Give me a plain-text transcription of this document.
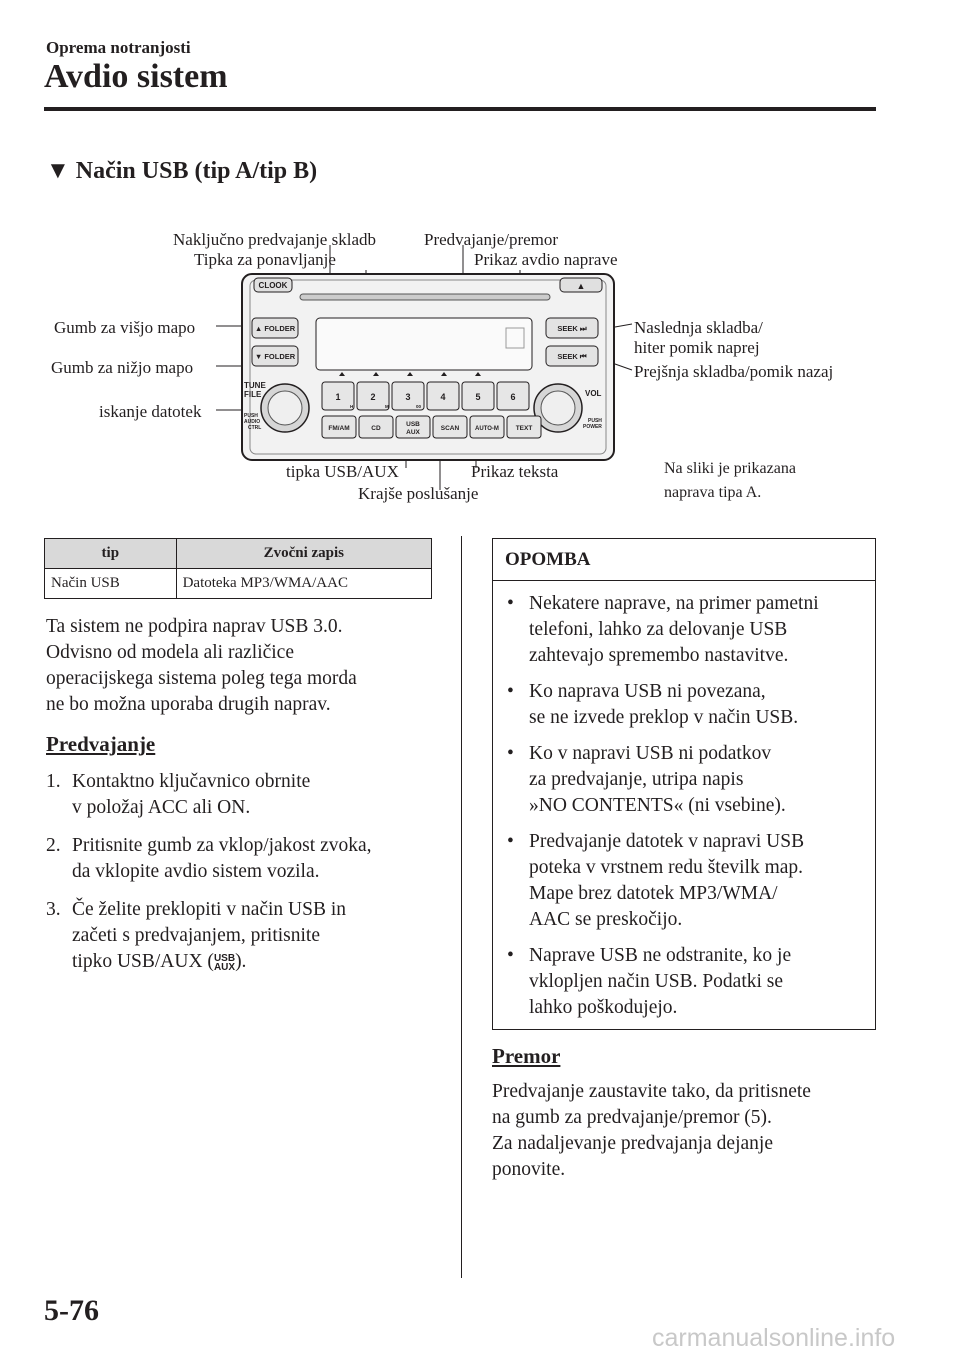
Oprema notranjosti
Avdio sistem
▼ Način USB (tip A/tip B)
CLOOK	▲
▲ FOLDER
▼ FOLDER
SEEK ⏭
SEEK ⏮
TUNE
FILE
PUSH
AUDIO
CTRL
VOL
PUSH
POWER
1	2	3	4	5	6
H	M	00
FM/AM	CD
USB
AUX
SCAN	AUTO-M	TEXT
Naključno predvajanje skladb
Tipka za ponavljanje
Predvajanje/premor
Prikaz avdio naprave
Gumb za višjo mapo
Gumb za nižjo mapo
iskanje datotek
Naslednja skladba/
hiter pomik naprej
Prejšnja skladba/pomik nazaj
tipka USB/AUX	Prikaz teksta
Krajše poslušanje
Na sliki je prikazana
naprava tipa A.
tip	Zvočni zapis
Način USB	Datoteka MP3/WMA/AAC
Ta sistem ne podpira naprav USB 3.0.
Odvisno od modela ali različice
operacijskega sistema poleg tega morda
ne bo možna uporaba drugih naprav.
Predvajanje
1. Kontaktno ključavnico obrnite
v položaj ACC ali ON.
2. Pritisnite gumb za vklop/jakost zvoka,
da vklopite avdio sistem vozila.
3. Če želite preklopiti v način USB in
začeti s predvajanjem, pritisnite
tipko USB/AUX (USB
AUX).
OPOMBA
• Nekatere naprave, na primer pametni
telefoni, lahko za delovanje USB
zahtevajo spremembo nastavitve.
• Ko naprava USB ni povezana,
se ne izvede preklop v način USB.
• Ko v napravi USB ni podatkov
za predvajanje, utripa napis
»NO CONTENTS« (ni vsebine).
• Predvajanje datotek v napravi USB
poteka v vrstnem redu številk map.
Mape brez datotek MP3/WMA/
AAC se preskočijo.
• Naprave USB ne odstranite, ko je
vklopljen način USB. Podatki se
lahko poškodujejo.
Premor
Predvajanje zaustavite tako, da pritisnete
na gumb za predvajanje/premor (5).
Za nadaljevanje predvajanja dejanje
ponovite.
5-76
carmanualsonline.info
